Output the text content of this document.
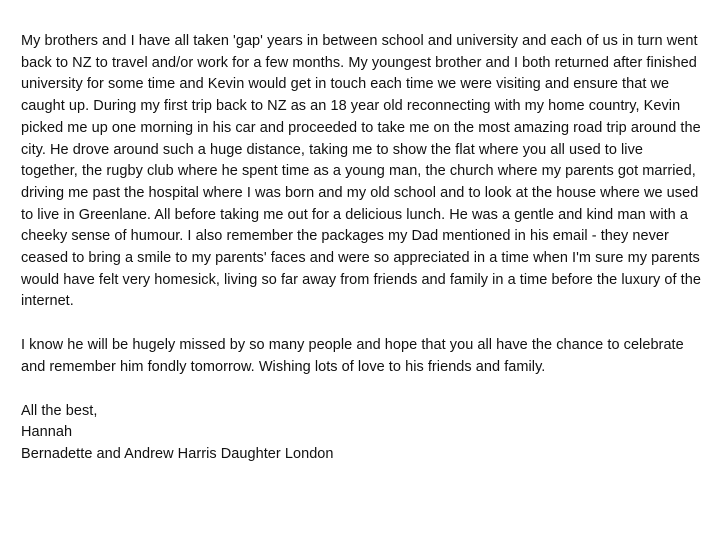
My brothers and I have all taken 'gap' years in between school and university and each of us in turn went back to NZ to travel and/or work for a few months. My youngest brother and I both returned after finished university for some time and Kevin would get in touch each time we were visiting and ensure that we caught up. During my first trip back to NZ as an 18 year old reconnecting with my home country, Kevin picked me up one morning in his car and proceeded to take me on the most amazing road trip around the city. He drove around such a huge distance, taking me to show the flat where you all used to live together, the rugby club where he spent time as a young man, the church where my parents got married, driving me past the hospital where I was born and my old school and to look at the house where we used to live in Greenlane. All before taking me out for a delicious lunch. He was a gentle and kind man with a cheeky sense of humour. I also remember the packages my Dad mentioned in his email - they never ceased to bring a smile to my parents' faces and were so appreciated in a time when I'm sure my parents would have felt very homesick, living so far away from friends and family in a time before the luxury of the internet.

I know he will be hugely missed by so many people and hope that you all have the chance to celebrate and remember him fondly tomorrow. Wishing lots of love to his friends and family.

All the best,
Hannah
Bernadette and Andrew Harris Daughter London
